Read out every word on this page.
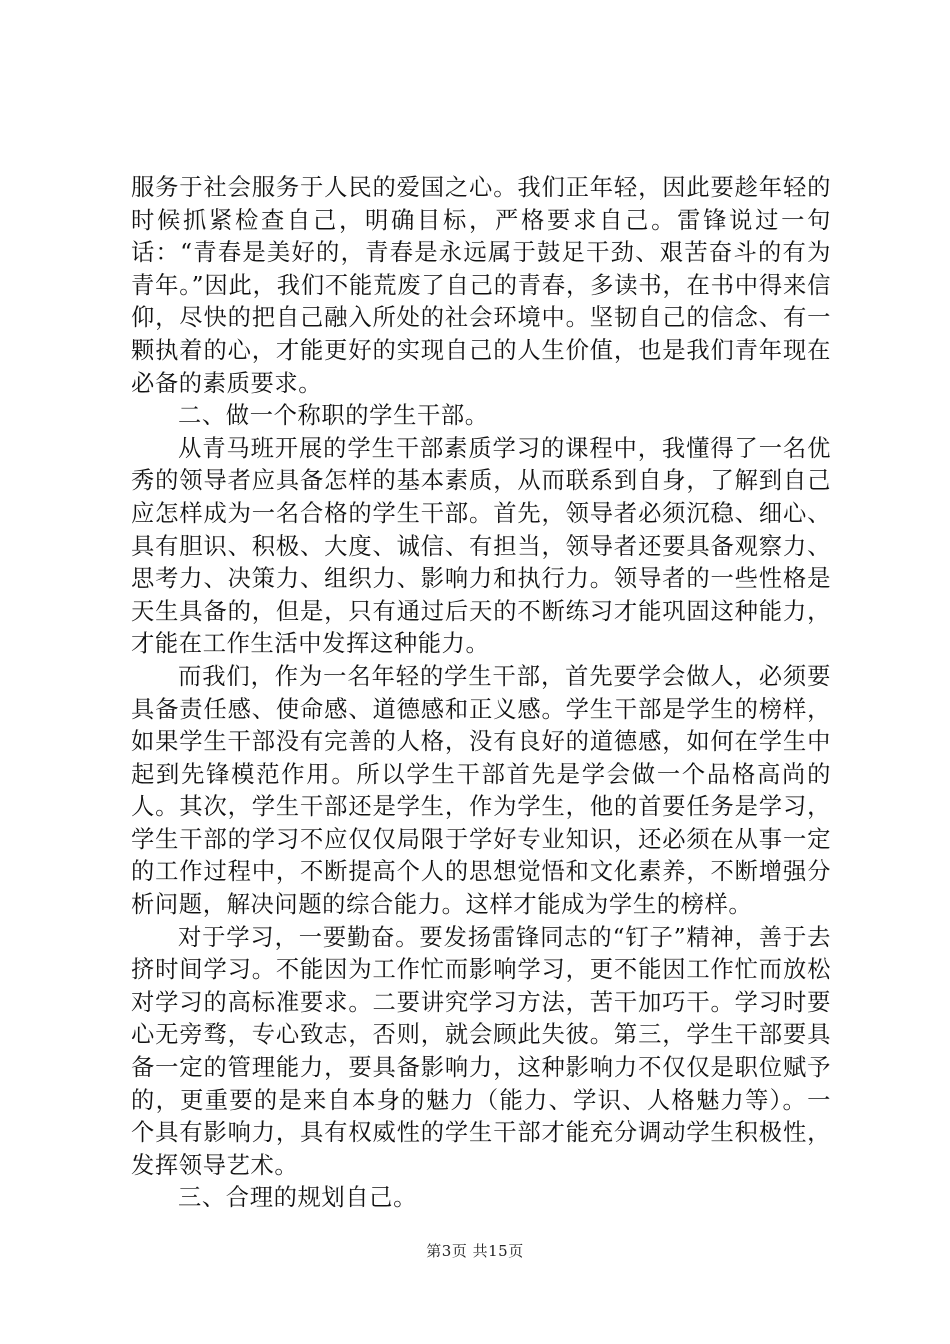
服务于社会服务于人民的爱国之心。我们正年轻，因此要趁年轻的时候抓紧检查自己，明确目标，严格要求自己。雷锋说过一句话：“青春是美好的，青春是永远属于鼓足干劲、艰苦奋斗的有为青年。”因此，我们不能荒废了自己的青春，多读书，在书中得来信仰，尽快的把自己融入所处的社会环境中。坚韧自己的信念、有一颗执着的心，才能更好的实现自己的人生价值，也是我们青年现在必备的素质要求。

二、做一个称职的学生干部。

从青马班开展的学生干部素质学习的课程中，我懂得了一名优秀的领导者应具备怎样的基本素质，从而联系到自身，了解到自己应怎样成为一名合格的学生干部。首先，领导者必须沉稳、细心、具有胆识、积极、大度、诚信、有担当，领导者还要具备观察力、思考力、决策力、组织力、影响力和执行力。领导者的一些性格是天生具备的，但是，只有通过后天的不断练习才能巩固这种能力，才能在工作生活中发挥这种能力。

而我们，作为一名年轻的学生干部，首先要学会做人，必须要具备责任感、使命感、道德感和正义感。学生干部是学生的榜样，如果学生干部没有完善的人格，没有良好的道德感，如何在学生中起到先锋模范作用。所以学生干部首先是学会做一个品格高尚的人。其次，学生干部还是学生，作为学生，他的首要任务是学习，学生干部的学习不应仅仅局限于学好专业知识，还必须在从事一定的工作过程中，不断提高个人的思想觉悟和文化素养，不断增强分析问题，解决问题的综合能力。这样才能成为学生的榜样。

对于学习，一要勤奋。要发扬雷锋同志的“钉子”精神，善于去挤时间学习。不能因为工作忙而影响学习，更不能因工作忙而放松对学习的高标准要求。二要讲究学习方法，苦干加巧干。学习时要心无旁骛，专心致志，否则，就会顾此失彼。第三，学生干部要具备一定的管理能力，要具备影响力，这种影响力不仅仅是职位赋予的，更重要的是来自本身的魅力（能力、学识、人格魅力等）。一个具有影响力，具有权威性的学生干部才能充分调动学生积极性，发挥领导艺术。

三、合理的规划自己。

第3页 共15页
